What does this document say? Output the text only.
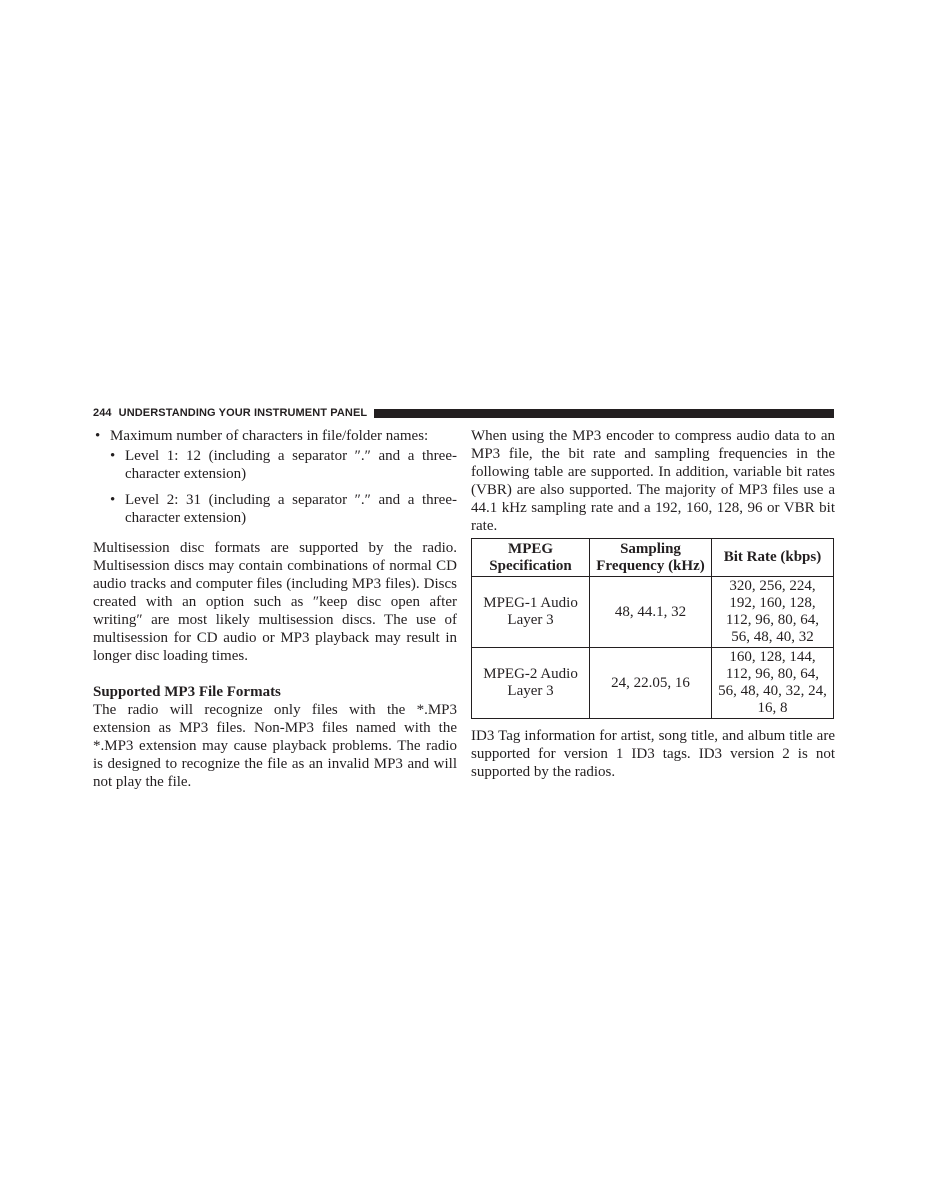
244 UNDERSTANDING YOUR INSTRUMENT PANEL
• Maximum number of characters in file/folder names:
• Level 1: 12 (including a separator ″.″ and a three-character extension)
• Level 2: 31 (including a separator ″.″ and a three-character extension)

Multisession disc formats are supported by the radio. Multisession discs may contain combinations of normal CD audio tracks and computer files (including MP3 files). Discs created with an option such as ″keep disc open after writing″ are most likely multisession discs. The use of multisession for CD audio or MP3 playback may result in longer disc loading times.

Supported MP3 File Formats

The radio will recognize only files with the *.MP3 extension as MP3 files. Non-MP3 files named with the *.MP3 extension may cause playback problems. The radio is designed to recognize the file as an invalid MP3 and will not play the file.

When using the MP3 encoder to compress audio data to an MP3 file, the bit rate and sampling frequencies in the following table are supported. In addition, variable bit rates (VBR) are also supported. The majority of MP3 files use a 44.1 kHz sampling rate and a 192, 160, 128, 96 or VBR bit rate.

MPEG Specification	Sampling Frequency (kHz)	Bit Rate (kbps)
MPEG-1 Audio Layer 3	48, 44.1, 32	320, 256, 224, 192, 160, 128, 112, 96, 80, 64, 56, 48, 40, 32
MPEG-2 Audio Layer 3	24, 22.05, 16	160, 128, 144, 112, 96, 80, 64, 56, 48, 40, 32, 24, 16, 8

ID3 Tag information for artist, song title, and album title are supported for version 1 ID3 tags. ID3 version 2 is not supported by the radios.
